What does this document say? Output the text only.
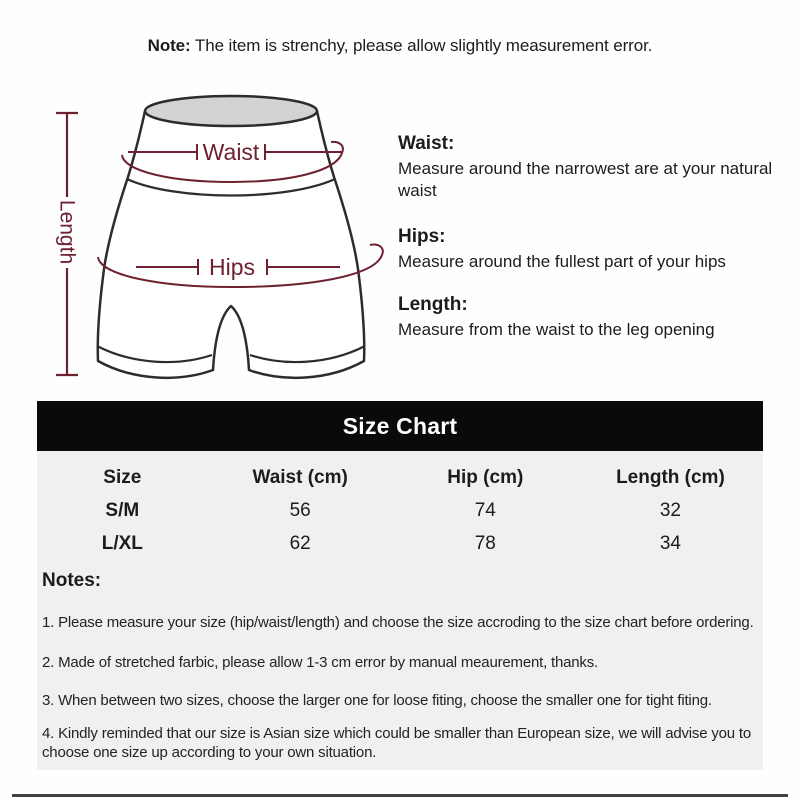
Note: The item is strenchy, please allow slightly measurement error.
Length
Waist
Hips

Waist:

Measure around the narrowest are at your natural waist

Hips:

Measure around the fullest part of your hips

Length:

Measure from the waist to the leg opening

Size Chart
Size	Waist (cm)	Hip (cm)	Length (cm)
S/M	56	74	32
L/XL	62	78	34

Notes:

1. Please measure your size (hip/waist/length) and choose the size accroding to the size chart before ordering.

2. Made of stretched farbic, please allow 1-3 cm error by manual meaurement, thanks.

3. When between two sizes, choose the larger one for loose fiting, choose the smaller one for tight fiting.

4. Kindly reminded that our size is Asian size which could be smaller than European size, we will advise you to choose one size up according to your own situation.
